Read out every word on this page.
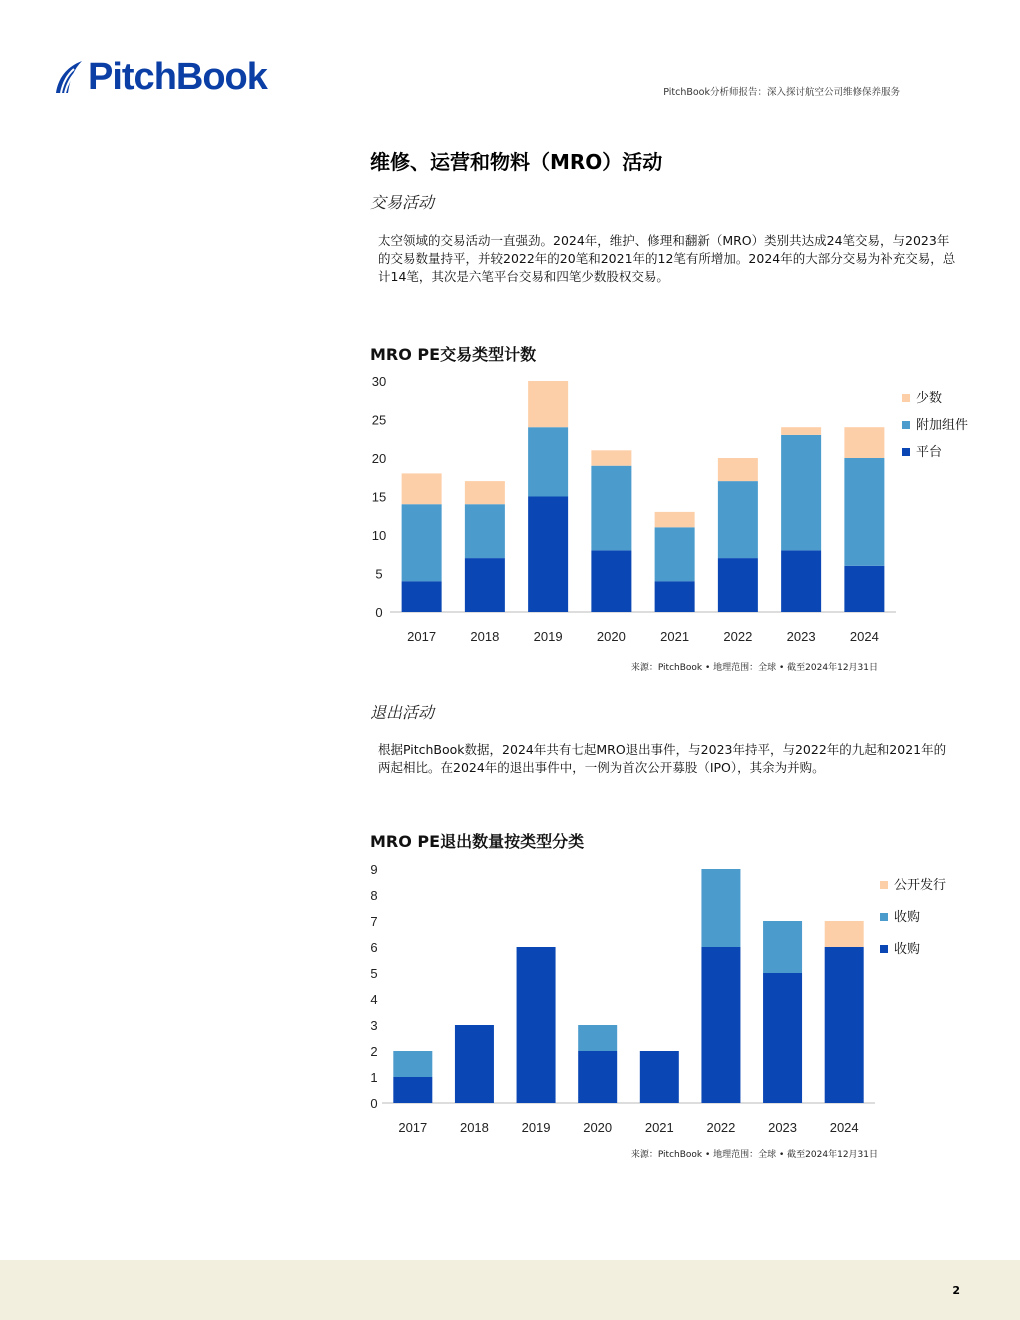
PitchBook	PitchBook分析师报告：深入探讨航空公司维修保养服务
维修、运营和物料（MRO）活动
交易活动
太空领域的交易活动一直强劲。2024年，维护、修理和翻新（MRO）类别共达成24笔交易，与2023年的交易数量持平，并较2022年的20笔和2021年的12笔有所增加。2024年的大部分交易为补充交易，总计14笔，其次是六笔平台交易和四笔少数股权交易。
MRO PE交易类型计数
0
5
10
15
20
25
30
2017	2018	2019	2020	2021	2022	2023	2024
少数
附加组件
平台
来源：PitchBook • 地理范围：全球 • 截至2024年12月31日
退出活动
根据PitchBook数据，2024年共有七起MRO退出事件，与2023年持平，与2022年的九起和2021年的两起相比。在2024年的退出事件中，一例为首次公开募股（IPO），其余为并购。
MRO PE退出数量按类型分类
0
1
2
3
4
5
6
7
8
9
2017	2018	2019	2020	2021	2022	2023	2024
公开发行
收购
收购
来源：PitchBook • 地理范围：全球 • 截至2024年12月31日
2
